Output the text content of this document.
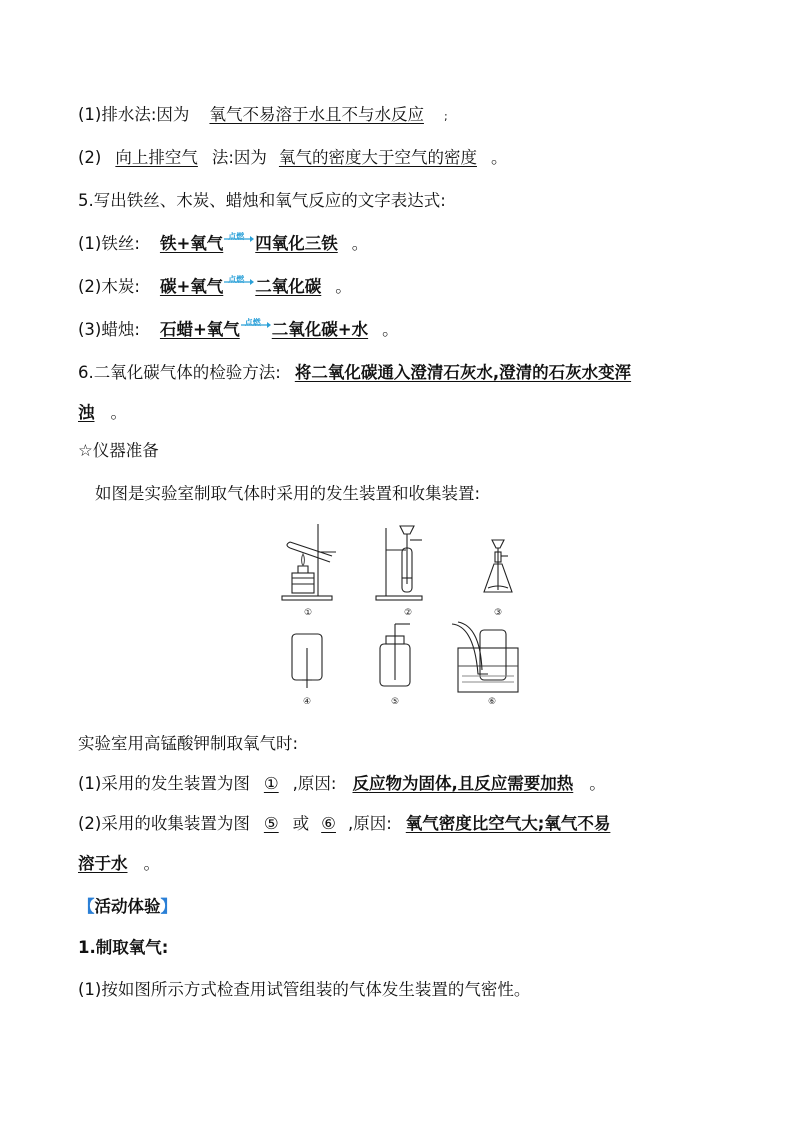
(1)排水法:因为 氧气不易溶于水且不与水反应 ;
(2) 向上排空气 法:因为 氧气的密度大于空气的密度 。
5.写出铁丝、木炭、蜡烛和氧气反应的文字表达式:
(1)铁丝: 铁+氧气 点燃 四氧化三铁 。
(2)木炭: 碳+氧气 点燃 二氧化碳 。
(3)蜡烛: 石蜡+氧气 点燃 二氧化碳+水 。
6.二氧化碳气体的检验方法: 将二氧化碳通入澄清石灰水,澄清的石灰水变浑
浊 。
☆仪器准备
如图是实验室制取气体时采用的发生装置和收集装置:
①	②	③
④	⑤	⑥
实验室用高锰酸钾制取氧气时:
(1)采用的发生装置为图 ① ,原因: 反应物为固体,且反应需要加热 。
(2)采用的收集装置为图 ⑤ 或 ⑥ ,原因: 氧气密度比空气大;氧气不易
溶于水 。
【活动体验】
1.制取氧气:
(1)按如图所示方式检查用试管组装的气体发生装置的气密性。
